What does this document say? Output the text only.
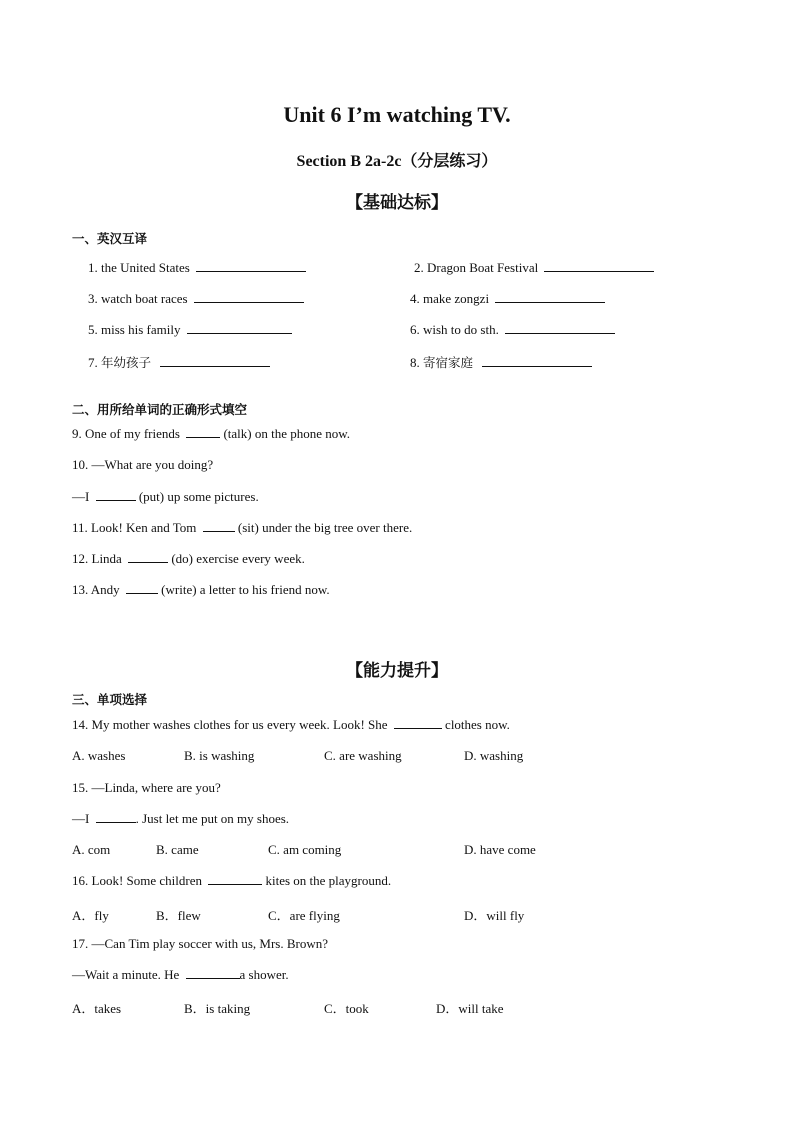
Unit 6 I’m watching TV.
Section B 2a-2c（分层练习）
【基础达标】
一、英汉互译
1. the United States	2. Dragon Boat Festival
3. watch boat races	4. make zongzi
5. miss his family	6. wish to do sth.
7. 年幼孩子	8. 寄宿家庭
二、用所给单词的正确形式填空
9. One of my friends	(talk) on the phone now.
10. —What are you doing?
—I	(put) up some pictures.
11. Look! Ken and Tom	(sit) under the big tree over there.
12. Linda	(do) exercise every week.
13. Andy	(write) a letter to his friend now.
【能力提升】
三、单项选择
14. My mother washes clothes for us every week. Look! She	clothes now.
A. washes	B. is washing	C. are washing	D. washing
15. —Linda, where are you?
—I	. Just let me put on my shoes.
A. com	B. came	C. am coming	D. have come
16. Look! Some children	kites on the playground.
A．fly	B．flew	C．are flying	D．will fly
17. —Can Tim play soccer with us, Mrs. Brown?
—Wait a minute. He	a shower.
A．takes	B．is taking	C．took	D．will take
